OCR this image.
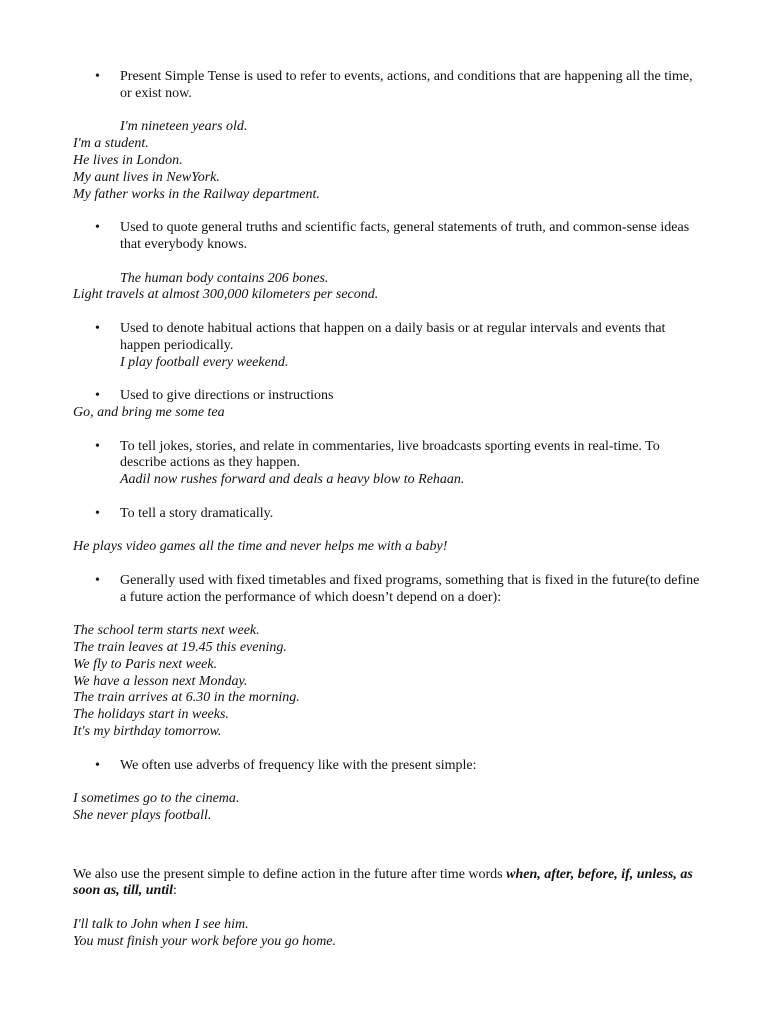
• Present Simple Tense is used to refer to events, actions, and conditions that are happening all the time, or exist now.

I'm nineteen years old.

I'm a student.

He lives in London.

My aunt lives in NewYork.

My father works in the Railway department.

• Used to quote general truths and scientific facts, general statements of truth, and common-sense ideas that everybody knows.

The human body contains 206 bones.

Light travels at almost 300,000 kilometers per second.

• Used to denote habitual actions that happen on a daily basis or at regular intervals and events that happen periodically.
I play football every weekend.
• Used to give directions or instructions

Go, and bring me some tea

• To tell jokes, stories, and relate in commentaries, live broadcasts sporting events in real-time. To describe actions as they happen.
Aadil now rushes forward and deals a heavy blow to Rehaan.
• To tell a story dramatically.

He plays video games all the time and never helps me with a baby!

• Generally used with fixed timetables and fixed programs, something that is fixed in the future(to define a future action the performance of which doesn’t depend on a doer):

The school term starts next week.

The train leaves at 19.45 this evening.

We fly to Paris next week.

We have a lesson next Monday.

The train arrives at 6.30 in the morning.

The holidays start in weeks.

It's my birthday tomorrow.

• We often use adverbs of frequency like with the present simple:

I sometimes go to the cinema.

She never plays football.

We also use the present simple to define action in the future after time words when, after, before, if, unless, as soon as, till, until:

I'll talk to John when I see him.

You must finish your work before you go home.
